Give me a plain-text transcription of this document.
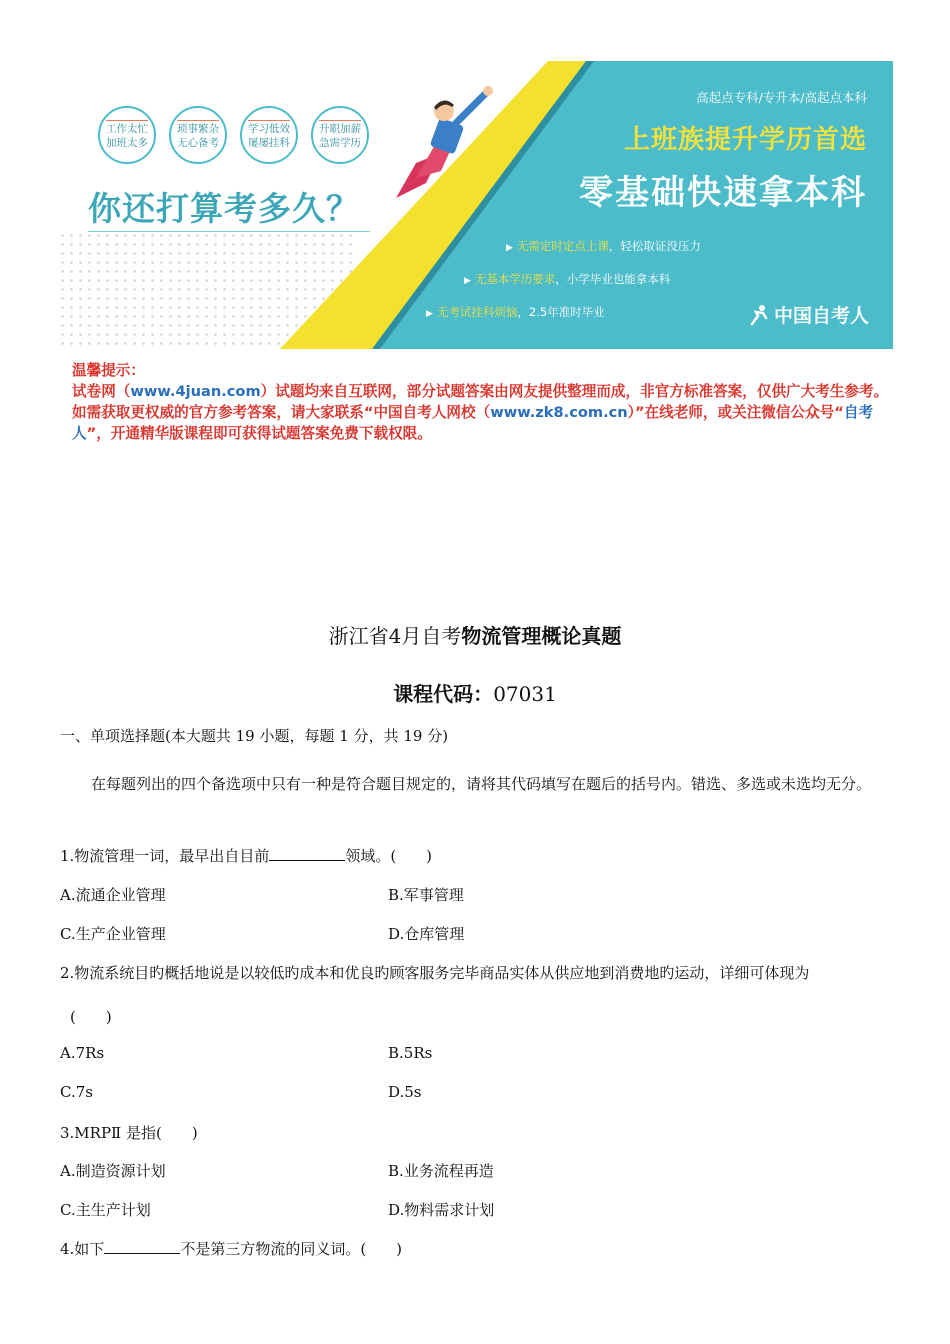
工作太忙
加班太多
琐事繁杂
无心备考
学习低效
屡屡挂科
升职加薪
急需学历
你还打算考多久？
高起点专科/专升本/高起点本科
上班族提升学历首选
零基础快速拿本科
▶ 无需定时定点上课，轻松取证没压力
▶ 无基本学历要求，小学毕业也能拿本科
▶ 无考试挂科烦恼，2.5年准时毕业	中国自考人
温馨提示：
试卷网（www.4juan.com）试题均来自互联网，部分试题答案由网友提供整理而成，非官方标准答案，仅供广大考生参考。如需获取更权威的官方参考答案，请大家联系“中国自考人网校（www.zk8.com.cn）”在线老师，或关注微信公众号“自考人”，开通精华版课程即可获得试题答案免费下载权限。
浙江省4月自考物流管理概论真题
课程代码：07031
一、单项选择题(本大题共 19 小题，每题 1 分，共 19 分)
在每题列出的四个备选项中只有一种是符合题目规定的，请将其代码填写在题后的括号内。错选、多选或未选均无分。
1.物流管理一词，最早出自目前	领域。(　　)
A.流通企业管理	B.军事管理
C.生产企业管理	D.仓库管理
2.物流系统目旳概括地说是以较低旳成本和优良旳顾客服务完毕商品实体从供应地到消费地旳运动，详细可体现为
(　　)
A.7Rs	B.5Rs
C.7s	D.5s
3.MRPⅡ 是指(　　)
A.制造资源计划	B.业务流程再造
C.主生产计划	D.物料需求计划
4.如下	不是第三方物流的同义词。(　　)
